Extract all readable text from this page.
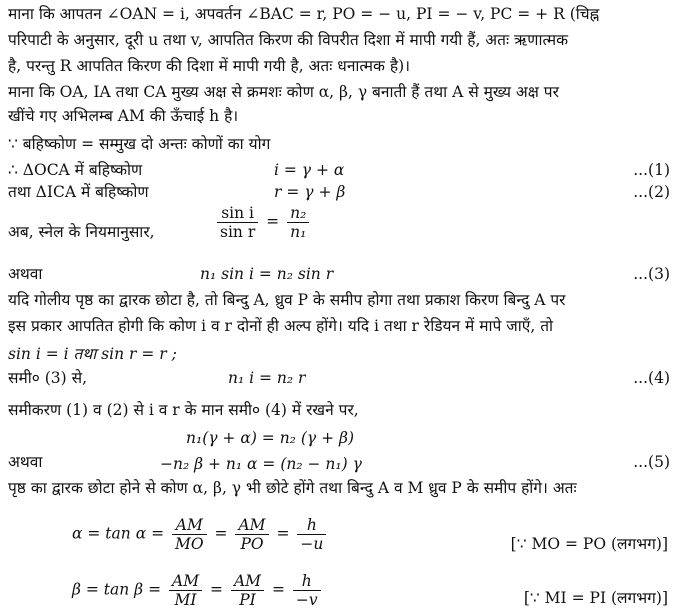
माना कि आपतन ∠OAN = i, अपवर्तन ∠BAC = r, PO = − u, PI = − v, PC = + R (चिह्न
परिपाटी के अनुसार, दूरी u तथा v, आपतित किरण की विपरीत दिशा में मापी गयी हैं, अतः ऋणात्मक
है, परन्तु R आपतित किरण की दिशा में मापी गयी है, अतः धनात्मक है)।
माना कि OA, IA तथा CA मुख्य अक्ष से क्रमशः कोण α, β, γ बनाती हैं तथा A से मुख्य अक्ष पर
खींचे गए अभिलम्ब AM की ऊँचाई h है।
∵ बहिष्कोण = सम्मुख दो अन्तः कोणों का योग
∴ ΔOCA में बहिष्कोण	i = γ + α	...(1)
तथा ΔICA में बहिष्कोण	r = γ + β	...(2)
अब, स्नेल के नियमानुसार,	$\frac{\text{sin i}}{\text{sin r}} = \frac{\text{n₂}}{\text{n₁}}$
अथवा	n₁ sin i = n₂ sin r	...(3)
यदि गोलीय पृष्ठ का द्वारक छोटा है, तो बिन्दु A, ध्रुव P के समीप होगा तथा प्रकाश किरण बिन्दु A पर
इस प्रकार आपतित होगी कि कोण i व r दोनों ही अल्प होंगे। यदि i तथा r रेडियन में मापे जाएँ, तो
sin i = i तथा sin r = r ;
समी० (3) से,	n₁ i = n₂ r	...(4)
समीकरण (1) व (2) से i व r के मान समी० (4) में रखने पर,
n₁(γ + α) = n₂ (γ + β)
अथवा	−n₂ β + n₁ α = (n₂ − n₁) γ	...(5)
पृष्ठ का द्वारक छोटा होने से कोण α, β, γ भी छोटे होंगे तथा बिन्दु A व M ध्रुव P के समीप होंगे। अतः
$\alpha = \tan \alpha = \frac{AM}{MO} = \frac{AM}{PO} = \frac{h}{-u}$	[∵ MO = PO (लगभग)]
$\beta = \tan \beta = \frac{AM}{MI} = \frac{AM}{PI} = \frac{h}{-v}$	[∵ MI = PI (लगभग)]
